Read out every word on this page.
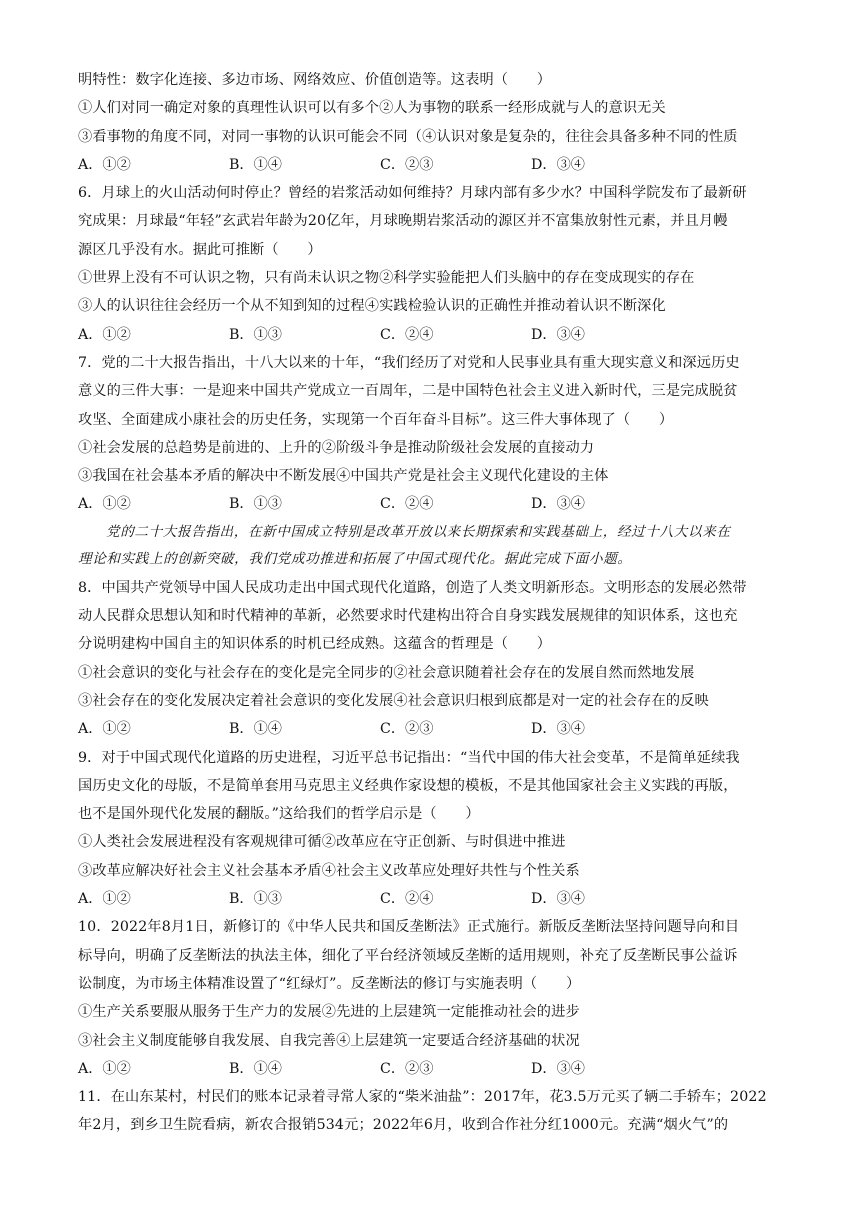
明特性：数字化连接、多边市场、网络效应、价值创造等。这表明（　　）
①人们对同一确定对象的真理性认识可以有多个②人为事物的联系一经形成就与人的意识无关
③看事物的角度不同，对同一事物的认识可能会不同（④认识对象是复杂的，往往会具备多种不同的性质
A．①②	B．①④	C．②③	D．③④
6．月球上的火山活动何时停止？曾经的岩浆活动如何维持？月球内部有多少水？中国科学院发布了最新研
究成果：月球最“年轻”玄武岩年龄为20亿年，月球晚期岩浆活动的源区并不富集放射性元素，并且月幔
源区几乎没有水。据此可推断（　　）
①世界上没有不可认识之物，只有尚未认识之物②科学实验能把人们头脑中的存在变成现实的存在
③人的认识往往会经历一个从不知到知的过程④实践检验认识的正确性并推动着认识不断深化
A．①②	B．①③	C．②④	D．③④
7．党的二十大报告指出，十八大以来的十年，“我们经历了对党和人民事业具有重大现实意义和深远历史
意义的三件大事：一是迎来中国共产党成立一百周年，二是中国特色社会主义进入新时代，三是完成脱贫
攻坚、全面建成小康社会的历史任务，实现第一个百年奋斗目标”。这三件大事体现了（　　）
①社会发展的总趋势是前进的、上升的②阶级斗争是推动阶级社会发展的直接动力
③我国在社会基本矛盾的解决中不断发展④中国共产党是社会主义现代化建设的主体
A．①②	B．①③	C．②④	D．③④
党的二十大报告指出，在新中国成立特别是改革开放以来长期探索和实践基础上，经过十八大以来在
理论和实践上的创新突破，我们党成功推进和拓展了中国式现代化。据此完成下面小题。
8．中国共产党领导中国人民成功走出中国式现代化道路，创造了人类文明新形态。文明形态的发展必然带
动人民群众思想认知和时代精神的革新，必然要求时代建构出符合自身实践发展规律的知识体系，这也充
分说明建构中国自主的知识体系的时机已经成熟。这蕴含的哲理是（　　）
①社会意识的变化与社会存在的变化是完全同步的②社会意识随着社会存在的发展自然而然地发展
③社会存在的变化发展决定着社会意识的变化发展④社会意识归根到底都是对一定的社会存在的反映
A．①②	B．①④	C．②③	D．③④
9．对于中国式现代化道路的历史进程，习近平总书记指出：“当代中国的伟大社会变革，不是简单延续我
国历史文化的母版，不是简单套用马克思主义经典作家设想的模板，不是其他国家社会主义实践的再版，
也不是国外现代化发展的翻版。”这给我们的哲学启示是（　　）
①人类社会发展进程没有客观规律可循②改革应在守正创新、与时俱进中推进
③改革应解决好社会主义社会基本矛盾④社会主义改革应处理好共性与个性关系
A．①②	B．①③	C．②④	D．③④
10．2022年8月1日，新修订的《中华人民共和国反垄断法》正式施行。新版反垄断法坚持问题导向和目
标导向，明确了反垄断法的执法主体，细化了平台经济领域反垄断的适用规则，补充了反垄断民事公益诉
讼制度，为市场主体精准设置了“红绿灯”。反垄断法的修订与实施表明（　　）
①生产关系要服从服务于生产力的发展②先进的上层建筑一定能推动社会的进步
③社会主义制度能够自我发展、自我完善④上层建筑一定要适合经济基础的状况
A．①②	B．①④	C．②③	D．③④
11．在山东某村，村民们的账本记录着寻常人家的“柴米油盐”：2017年，花3.5万元买了辆二手轿车；2022
年2月，到乡卫生院看病，新农合报销534元；2022年6月，收到合作社分红1000元。充满“烟火气”的
